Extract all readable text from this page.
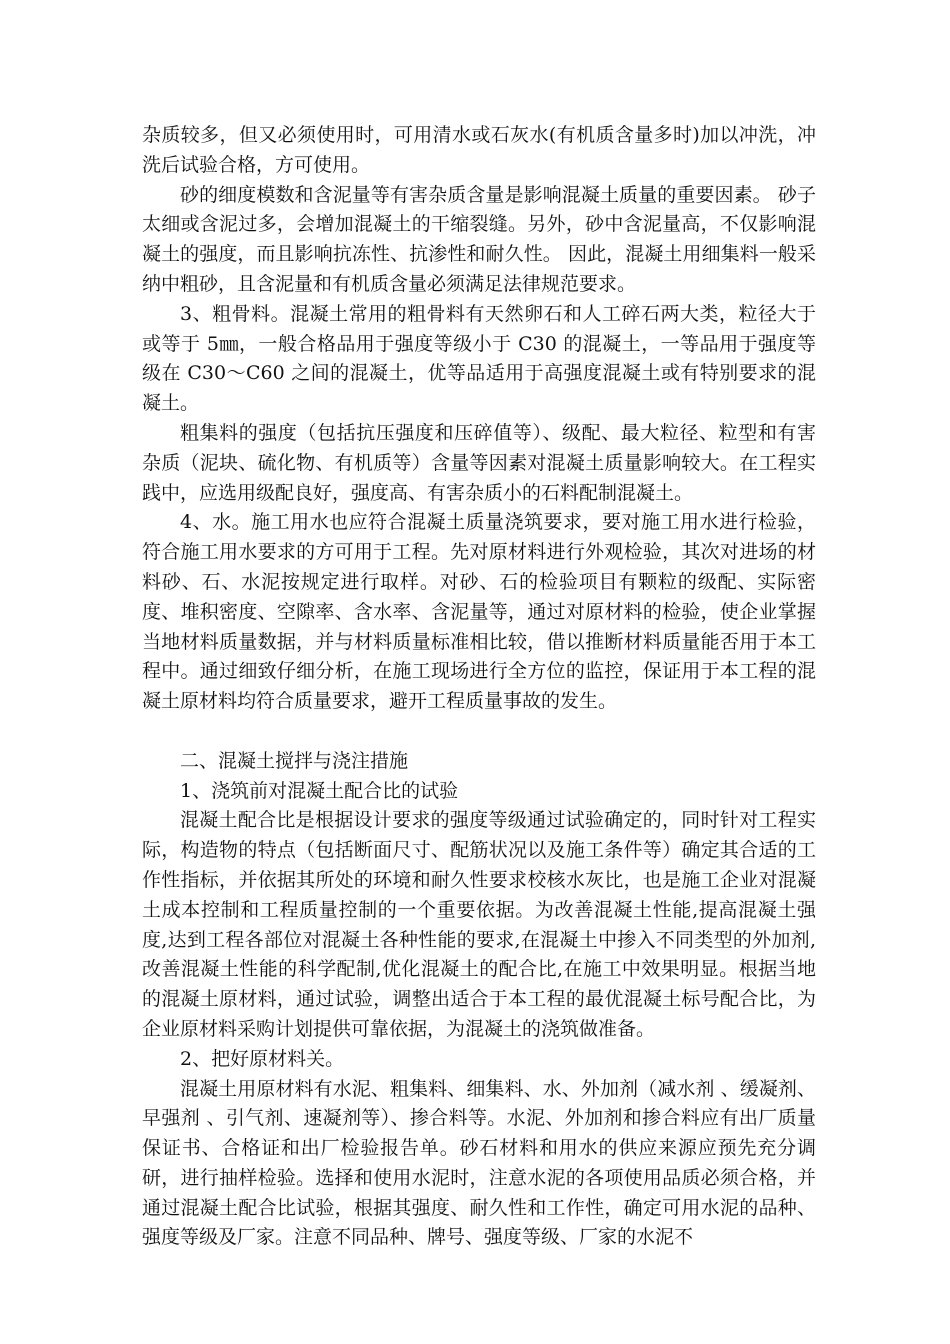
杂质较多，但又必须使用时，可用清水或石灰水(有机质含量多时)加以冲洗，冲洗后试验合格，方可使用。

砂的细度模数和含泥量等有害杂质含量是影响混凝土质量的重要因素。 砂子太细或含泥过多，会增加混凝土的干缩裂缝。另外，砂中含泥量高，不仅影响混凝土的强度，而且影响抗冻性、抗渗性和耐久性。 因此，混凝土用细集料一般采纳中粗砂，且含泥量和有机质含量必须满足法律规范要求。

3、粗骨料。混凝土常用的粗骨料有天然卵石和人工碎石两大类，粒径大于或等于 5㎜，一般合格品用于强度等级小于 C30 的混凝土，一等品用于强度等级在 C30～C60 之间的混凝土，优等品适用于高强度混凝土或有特别要求的混凝土。

粗集料的强度（包括抗压强度和压碎值等）、级配、最大粒径、粒型和有害杂质（泥块、硫化物、有机质等）含量等因素对混凝土质量影响较大。在工程实践中，应选用级配良好，强度高、有害杂质小的石料配制混凝土。

4、水。施工用水也应符合混凝土质量浇筑要求，要对施工用水进行检验，符合施工用水要求的方可用于工程。先对原材料进行外观检验，其次对进场的材料砂、石、水泥按规定进行取样。对砂、石的检验项目有颗粒的级配、实际密度、堆积密度、空隙率、含水率、含泥量等，通过对原材料的检验，使企业掌握当地材料质量数据，并与材料质量标准相比较，借以推断材料质量能否用于本工程中。通过细致仔细分析，在施工现场进行全方位的监控，保证用于本工程的混凝土原材料均符合质量要求，避开工程质量事故的发生。

二、混凝土搅拌与浇注措施

1、浇筑前对混凝土配合比的试验

混凝土配合比是根据设计要求的强度等级通过试验确定的，同时针对工程实际，构造物的特点（包括断面尺寸、配筋状况以及施工条件等）确定其合适的工作性指标，并依据其所处的环境和耐久性要求校核水灰比，也是施工企业对混凝土成本控制和工程质量控制的一个重要依据。为改善混凝土性能,提高混凝土强度,达到工程各部位对混凝土各种性能的要求,在混凝土中掺入不同类型的外加剂,改善混凝土性能的科学配制,优化混凝土的配合比,在施工中效果明显。根据当地的混凝土原材料，通过试验，调整出适合于本工程的最优混凝土标号配合比，为企业原材料采购计划提供可靠依据，为混凝土的浇筑做准备。

2、把好原材料关。

混凝土用原材料有水泥、粗集料、细集料、水、外加剂（减水剂 、缓凝剂、早强剂 、引气剂、速凝剂等）、掺合料等。水泥、外加剂和掺合料应有出厂质量保证书、合格证和出厂检验报告单。砂石材料和用水的供应来源应预先充分调研，进行抽样检验。选择和使用水泥时，注意水泥的各项使用品质必须合格，并通过混凝土配合比试验，根据其强度、耐久性和工作性，确定可用水泥的品种、强度等级及厂家。注意不同品种、牌号、强度等级、厂家的水泥不
